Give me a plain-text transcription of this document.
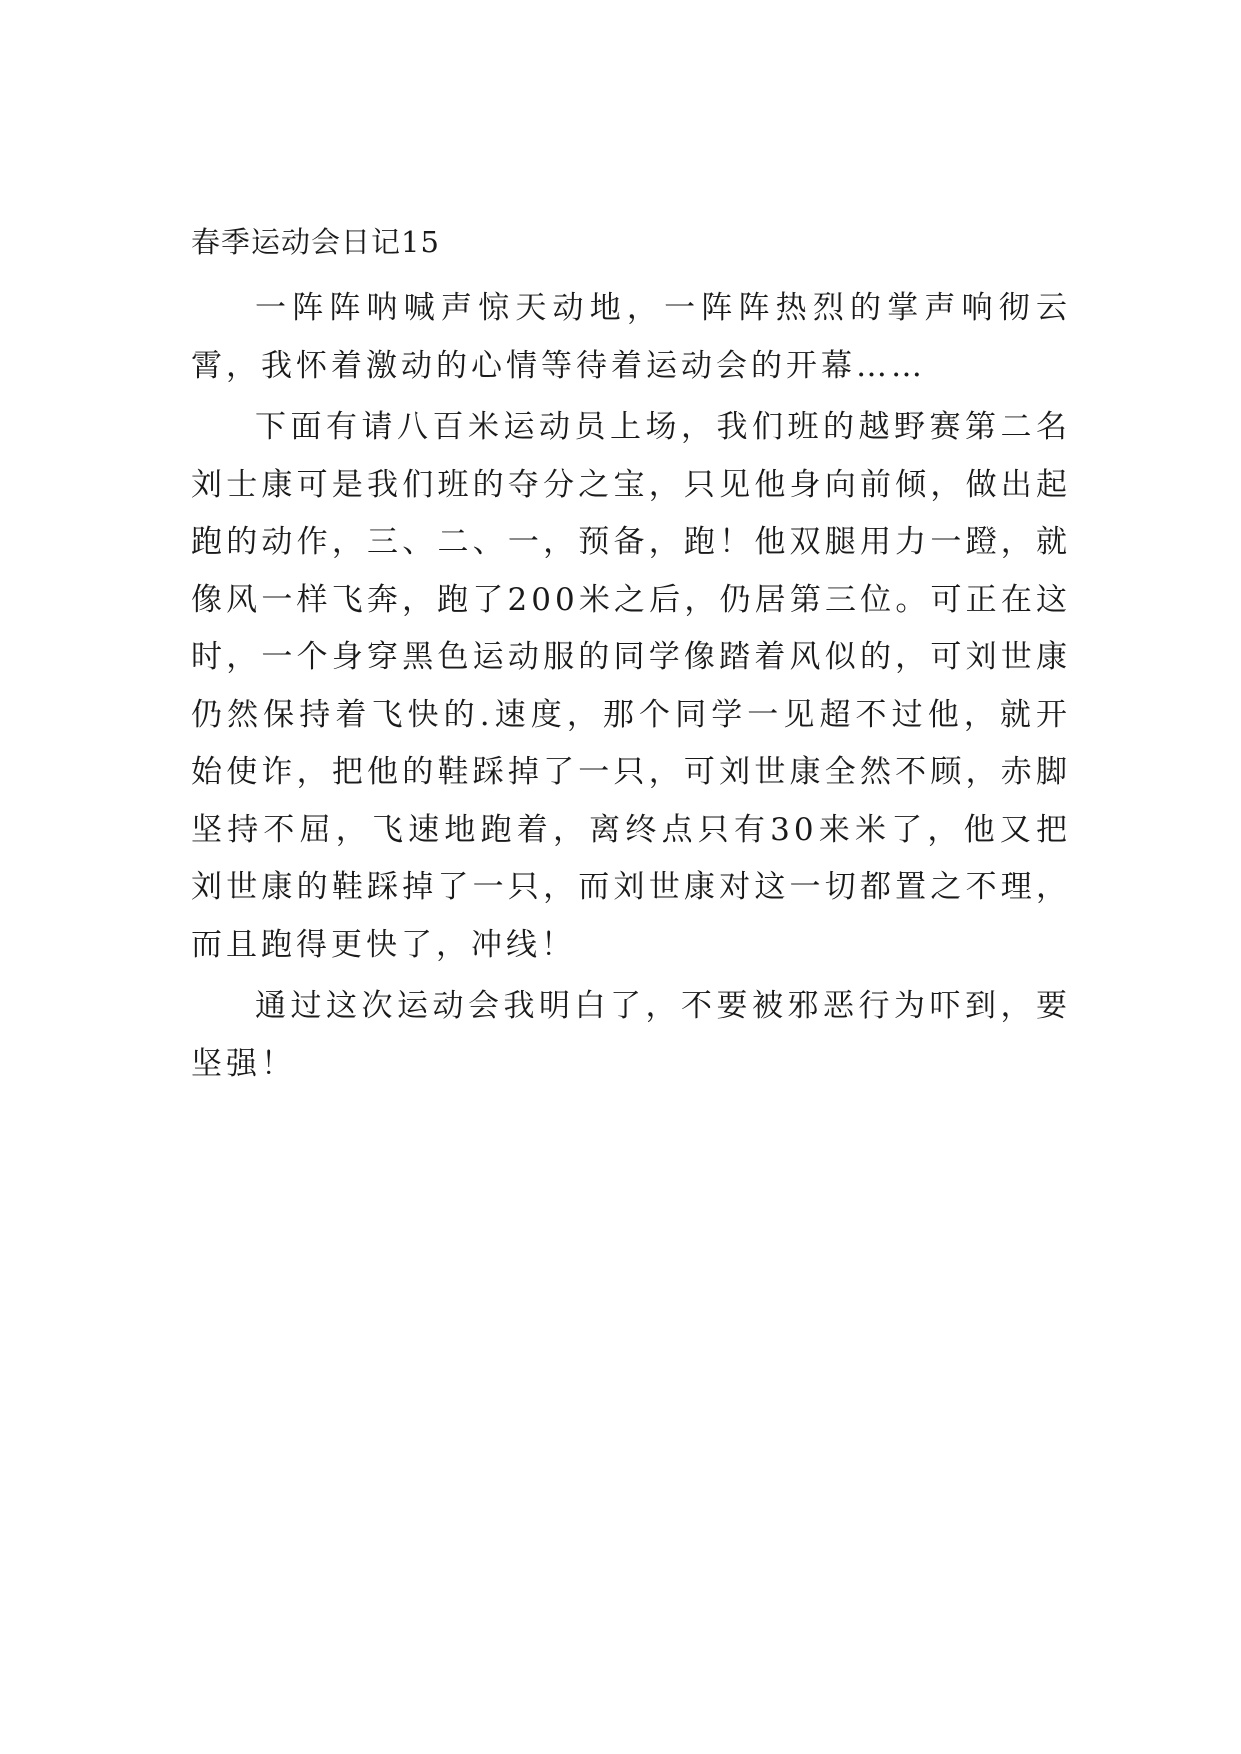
春季运动会日记15

一阵阵呐喊声惊天动地，一阵阵热烈的掌声响彻云霄，我怀着激动的心情等待着运动会的开幕……

下面有请八百米运动员上场，我们班的越野赛第二名刘士康可是我们班的夺分之宝，只见他身向前倾，做出起跑的动作，三、二、一，预备，跑！他双腿用力一蹬，就像风一样飞奔，跑了200米之后，仍居第三位。可正在这时，一个身穿黑色运动服的同学像踏着风似的，可刘世康仍然保持着飞快的.速度，那个同学一见超不过他，就开始使诈，把他的鞋踩掉了一只，可刘世康全然不顾，赤脚坚持不屈，飞速地跑着，离终点只有30来米了，他又把刘世康的鞋踩掉了一只，而刘世康对这一切都置之不理，而且跑得更快了，冲线！

通过这次运动会我明白了，不要被邪恶行为吓到，要坚强！
